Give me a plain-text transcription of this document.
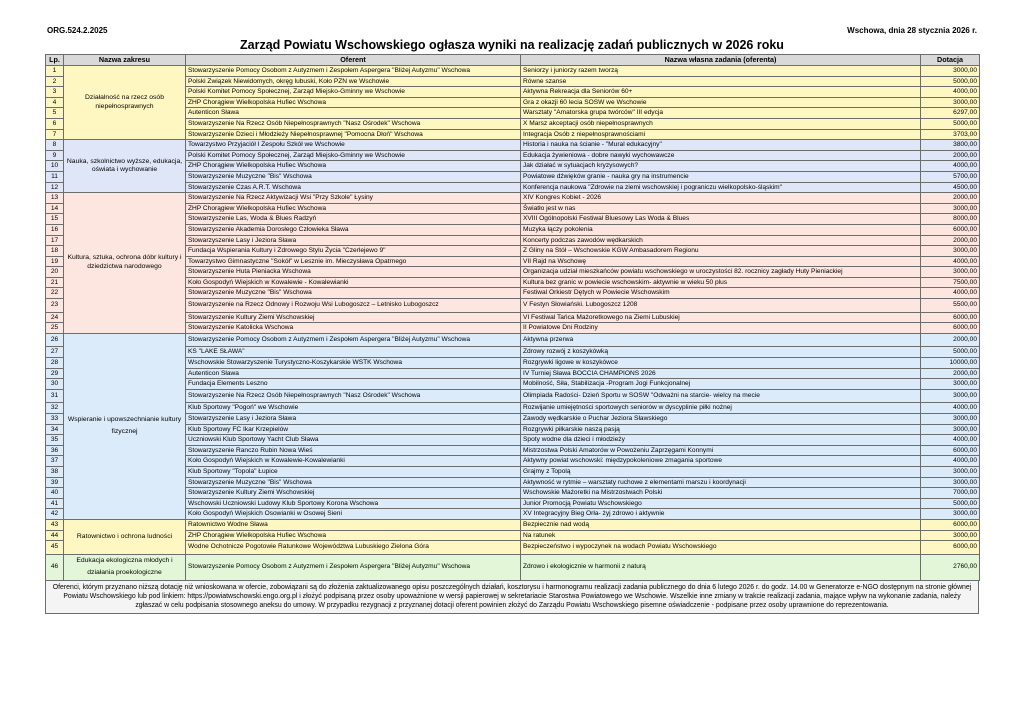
ORG.524.2.2025	Wschowa, dnia 28 stycznia 2026 r.
Zarząd Powiatu Wschowskiego ogłasza wyniki na realizację zadań publicznych w 2026 roku
Lp.	Nazwa zakresu	Oferent	Nazwa własna zadania (oferenta)	Dotacja
1	Działalność na rzecz osób niepełnosprawnych	Stowarzyszenie Pomocy Osobom z Autyzmem i Zespołem Aspergera "Bliżej Autyzmu" Wschowa	Seniorzy i juniorzy razem tworzą	3000,00
2		Polski Związek Niewidomych, okręg lubuski, Koło PZN we Wschowie	Równe szanse	5000,00
3		Polski Komitet Pomocy Społecznej, Zarząd Miejsko-Gminny we Wschowie	Aktywna Rekreacja dla Seniorów 60+	4000,00
4		ZHP Chorągiew Wielkopolska Hufiec Wschowa	Gra z okazji 60 lecia SOSW we Wschowie	3000,00
5		Autenticon Sława	Warsztaty "Amatorska grupa twórców" III edycja	6297,00
6		Stowarzyszenie Na Rzecz Osób Niepełnosprawnych "Nasz Ośrodek" Wschowa	X Marsz akceptacji osób niepełnosprawnych	5000,00
7		Stowarzyszenie Dzieci i Młodzieży Niepełnosprawnej "Pomocna Dłoń" Wschowa	Integracja Osób z niepełnosprawnościami	3703,00
8	Nauka, szkolnictwo wyższe, edukacja, oświata i wychowanie	Towarzystwo Przyjaciół I Zespołu Szkół we Wschowie	Historia i nauka na ścianie - "Mural edukacyjny"	3800,00
9		Polski Komitet Pomocy Społecznej, Zarząd Miejsko-Gminny we Wschowie	Edukacja żywieniowa - dobre nawyki wychowawcze	2000,00
10		ZHP Chorągiew Wielkopolska Hufiec Wschowa	Jak działać w sytuacjach kryzysowych?	4000,00
11		Stowarzyszenie Muzyczne "Bis" Wschowa	Powiatowe dźwięków granie - nauka gry na instrumencie	5700,00
12		Stowarzyszenie Czas A.R.T. Wschowa	Konferencja naukowa "Zdrowie na ziemi wschowskiej i pograniczu wielkopolsko-śląskim"	4500,00
13	Kultura, sztuka, ochrona dóbr kultury i dziedzictwa narodowego	Stowarzyszenie Na Rzecz Aktywizacji Wsi "Przy Szkole" Łysiny	XIV Kongres Kobiet - 2026	2000,00
14		ZHP Chorągiew Wielkopolska Hufiec Wschowa	Światło jest w nas	3000,00
15		Stowarzyszenie Las, Woda & Blues Radzyń	XVIII Ogólnopolski Festiwal Bluesowy Las Woda & Blues	8000,00
16		Stowarzyszenie Akademia Dorosłego Człowieka Sława	Muzyka łączy pokolenia	6000,00
17		Stowarzyszenie Lasy i Jeziora Sława	Koncerty podczas zawodów wędkarskich	2000,00
18		Fundacja Wspierania Kultury i Zdrowego Stylu Życia "Czerlejewo 9"	Z Gliny na Stół – Wschowskie KGW Ambasadorem Regionu	3000,00
19		Towarzystwo Gimnastyczne "Sokół" w Lesznie im. Mieczysława Opatrnego	VII Rajd na Wschowę	4000,00
20		Stowarzyszenie Huta Pieniacka Wschowa	Organizacja udział mieszkańców powiatu wschowskiego w uroczystości 82. rocznicy zagłady Huty Pieniackiej	3000,00
21		Koło Gospodyń Wiejskich w Kowalewie - Kowalewianki	Kultura bez granic w powiecie wschowskim- aktywnie w wieku 50 plus	7500,00
22		Stowarzyszenie Muzyczne "Bis" Wschowa	Festiwal Orkiestr Dętych w Powiecie Wschowskim	4000,00
23		Stowarzyszenie na Rzecz Odnowy i Rozwoju Wsi Lubogoszcz – Letnisko Lubogoszcz	V Festyn Słowiański. Lubogoszcz 1208	5500,00
24		Stowarzyszenie Kultury Ziemi Wschowskiej	VI Festiwal Tańca Mażoretkowego na Ziemi Lubuskiej	6000,00
25		Stowarzyszenie Katolicka Wschowa	II Powiatowe Dni Rodziny	6000,00
26	Wspieranie i upowszechnianie kultury fizycznej	Stowarzyszenie Pomocy Osobom z Autyzmem i Zespołem Aspergera "Bliżej Autyzmu" Wschowa	Aktywna przerwa	2000,00
27		KS "LAKE SŁAWA"	Zdrowy rozwój z koszykówką	5000,00
28		Wschowskie Stowarzyszenie Turystyczno-Koszykarskie WSTK Wschowa	Rozgrywki ligowe w koszykówce	10000,00
29		Autenticon Sława	IV Turniej Sława BOCCIA CHAMPIONS 2026	2000,00
30		Fundacja Elements Leszno	Mobilność, Siła, Stabilizacja -Program Jogi Funkcjonalnej	3000,00
31		Stowarzyszenie Na Rzecz Osób Niepełnosprawnych "Nasz Ośrodek" Wschowa	Olimpiada Radości- Dzień Sportu w SOSW "Odważni na starcie- wielcy na mecie	3000,00
32		Klub Sportowy "Pogoń" we Wschowie	Rozwijanie umiejętności sportowych seniorów w dyscyplinie piłki nożnej	4000,00
33		Stowarzyszenie Lasy i Jeziora Sława	Zawody wędkarskie o Puchar Jeziora Sławskiego	3000,00
34		Klub Sportowy FC Ikar Krzepielów	Rozgrywki piłkarskie naszą pasją	3000,00
35		Uczniowski Klub Sportowy Yacht Club Sława	Spoty wodne dla dzieci i młodzieży	4000,00
36		Stowarzyszenie Ranczo Rubin Nowa Wieś	Mistrzostwa Polski Amatorów w Powożeniu Zaprzęgami Konnymi	6000,00
37		Koło Gospodyń Wiejskich w Kowalewie-Kowalewianki	Aktywny powiat wschowski: międzypokoleniowe zmagania sportowe	4000,00
38		Klub Sportowy "Topola" Łupice	Grajmy z Topolą	3000,00
39		Stowarzyszenie Muzyczne "Bis" Wschowa	Aktywność w rytmie – warsztaty ruchowe z elementami marszu i koordynacji	3000,00
40		Stowarzyszenie Kultury Ziemi Wschowskiej	Wschowskie Mażoretki na Mistrzostwach Polski	7000,00
41		Wschowski Uczniowski Ludowy Klub Sportowy Korona Wschowa	Junior Promocją Powiatu Wschowskiego	5000,00
42		Koło Gospodyń Wiejskich Osowianki w Osowej Sieni	XV Integracyjny Bieg Orła- żyj zdrowo i aktywnie	3000,00
43	Ratownictwo i ochrona ludności	Ratownictwo Wodne Sława	Bezpiecznie nad wodą	6000,00
44		ZHP Chorągiew Wielkopolska Hufiec Wschowa	Na ratunek	3000,00
45		Wodne Ochotnicze Pogotowie Ratunkowe Województwa Lubuskiego Zielona Góra	Bezpieczeństwo i wypoczynek na wodach Powiatu Wschowskiego	6000,00
46	Edukacja ekologiczna młodych i działania proekologiczne	Stowarzyszenie Pomocy Osobom z Autyzmem i Zespołem Aspergera "Bliżej Autyzmu" Wschowa	Zdrowo i ekologicznie w harmonii z naturą	2760,00
Oferenci, którym przyznano niższą dotację niż wnioskowana w ofercie, zobowiązani są do złożenia zaktualizowanego opisu poszczególnych działań, kosztorysu i harmonogramu realizacji zadania publicznego do dnia 6 lutego 2026 r. do godz. 14.00 w Generatorze e-NGO dostępnym na stronie głównej Powiatu Wschowskiego lub pod linkiem: https://powiatwschowski.engo.org.pl i złożyć podpisaną przez osoby upoważnione w wersji papierowej w sekretariacie Starostwa Powiatowego we Wschowie. Wszelkie inne zmiany w trakcie realizacji zadania, mające wpływ na wykonanie zadania, należy zgłaszać w celu podpisania stosownego aneksu do umowy. W przypadku rezygnacji z przyznanej dotacji oferent powinien złożyć do Zarządu Powiatu Wschowskiego pisemne oświadczenie - podpisane przez osoby uprawnione do reprezentowania.
